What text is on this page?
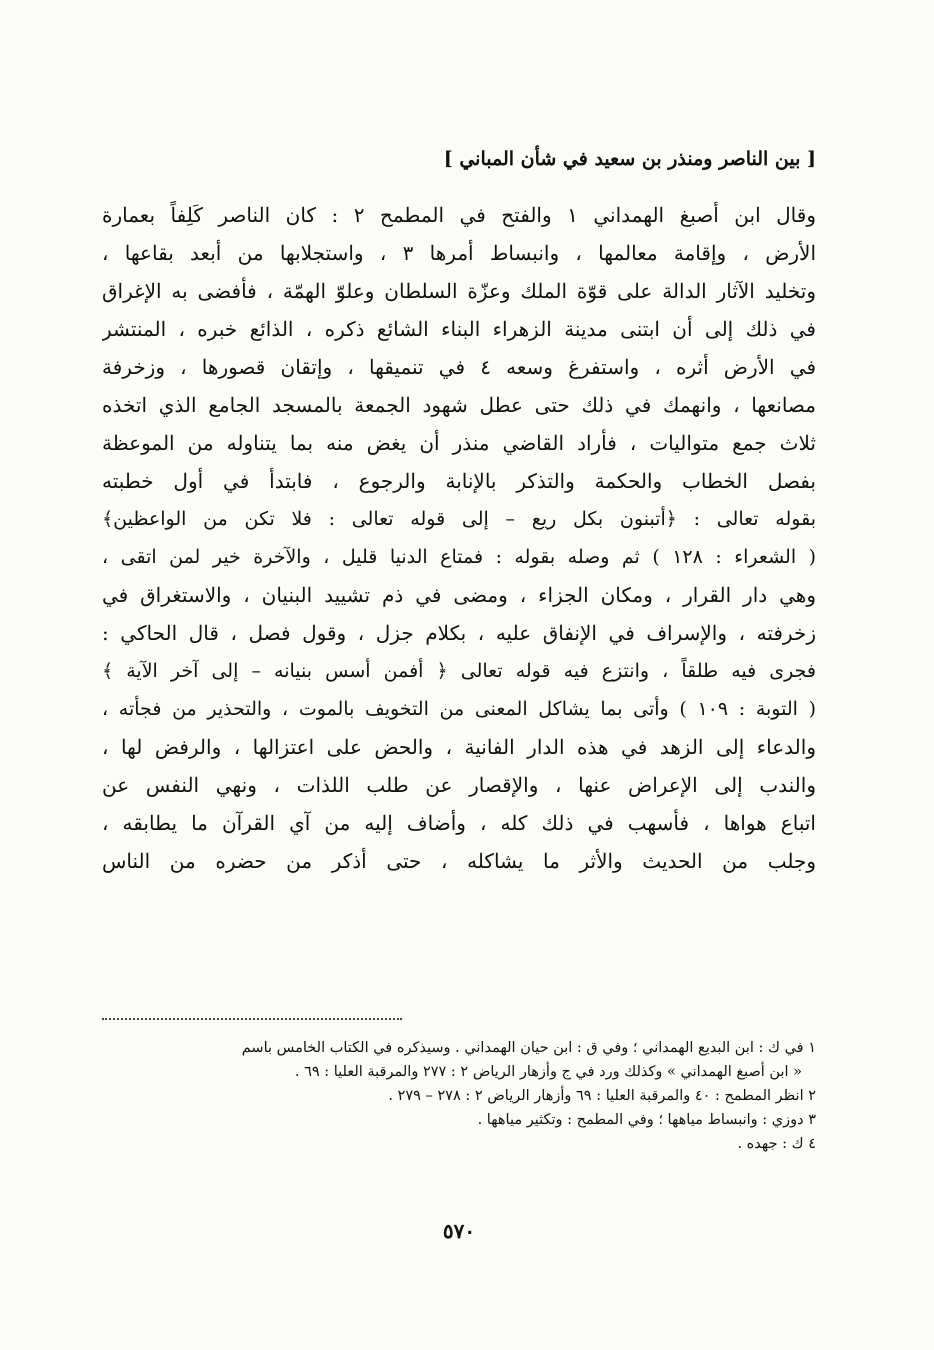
[ بين الناصر ومنذر بن سعيد في شأن المباني ]
وقال ابن أصبغ الهمداني ١ والفتح في المطمح ٢ : كان الناصر كَلِفاً بعمارة
الأرض ، وإقامة معالمها ، وانبساط أمرها ٣ ، واستجلابها من أبعد بقاعها ،
وتخليد الآثار الدالة على قوّة الملك وعزّة السلطان وعلوّ الهمّة ، فأفضى به الإغراق
في ذلك إلى أن ابتنى مدينة الزهراء البناء الشائع ذكره ، الذائع خبره ، المنتشر
في الأرض أثره ، واستفرغ وسعه ٤ في تنميقها ، وإتقان قصورها ، وزخرفة
مصانعها ، وانهمك في ذلك حتى عطل شهود الجمعة بالمسجد الجامع الذي اتخذه
ثلاث جمع متواليات ، فأراد القاضي منذر أن يغض منه بما يتناوله من الموعظة
بفصل الخطاب والحكمة والتذكر بالإنابة والرجوع ، فابتدأ في أول خطبته
بقوله تعالى : ﴿أتبنون بكل ريع – إلى قوله تعالى : فلا تكن من الواعظين﴾
( الشعراء : ١٢٨ ) ثم وصله بقوله : فمتاع الدنيا قليل ، والآخرة خير لمن اتقى ،
وهي دار القرار ، ومكان الجزاء ، ومضى في ذم تشييد البنيان ، والاستغراق في
زخرفته ، والإسراف في الإنفاق عليه ، بكلام جزل ، وقول فصل ، قال الحاكي :
فجرى فيه طلقاً ، وانتزع فيه قوله تعالى ﴿ أفمن أسس بنيانه – إلى آخر الآية ﴾
( التوبة : ١٠٩ ) وأتى بما يشاكل المعنى من التخويف بالموت ، والتحذير من فجأته ،
والدعاء إلى الزهد في هذه الدار الفانية ، والحض على اعتزالها ، والرفض لها ،
والندب إلى الإعراض عنها ، والإقصار عن طلب اللذات ، ونهي النفس عن
اتباع هواها ، فأسهب في ذلك كله ، وأضاف إليه من آي القرآن ما يطابقه ،
وجلب من الحديث والأثر ما يشاكله ، حتى أذكر من حضره من الناس
١ في ك : ابن البديع الهمداني ؛ وفي ق : ابن حيان الهمداني . وسيذكره في الكتاب الخامس باسم
« ابن أصبغ الهمداني » وكذلك ورد في ج وأزهار الرياض ٢ : ٢٧٧ والمرقبة العليا : ٦٩ .
٢ انظر المطمح : ٤٠ والمرقبة العليا : ٦٩ وأزهار الرياض ٢ : ٢٧٨ – ٢٧٩ .
٣ دوزي : وانبساط مياهها ؛ وفي المطمح : وتكثير مياهها .
٤ ك : جهده .
٥٧٠
